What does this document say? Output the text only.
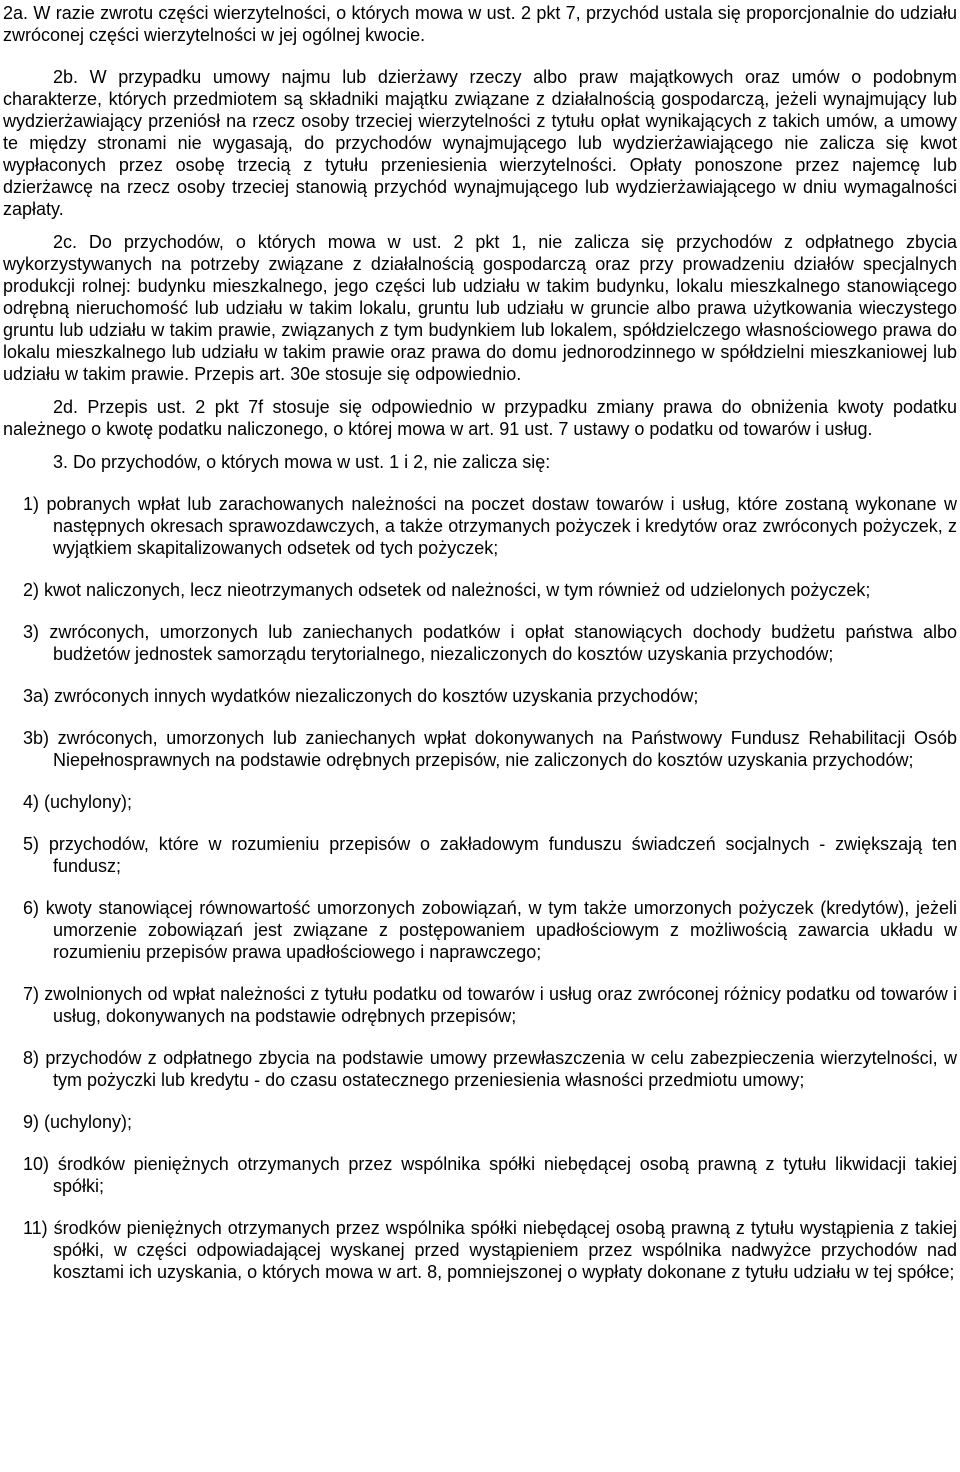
2a. W razie zwrotu części wierzytelności, o których mowa w ust. 2 pkt 7, przychód ustala się proporcjonalnie do udziału zwróconej części wierzytelności w jej ogólnej kwocie.

2b. W przypadku umowy najmu lub dzierżawy rzeczy albo praw majątkowych oraz umów o podobnym charakterze, których przedmiotem są składniki majątku związane z działalnością gospodarczą, jeżeli wynajmujący lub wydzierżawiający przeniósł na rzecz osoby trzeciej wierzytelności z tytułu opłat wynikających z takich umów, a umowy te między stronami nie wygasają, do przychodów wynajmującego lub wydzierżawiającego nie zalicza się kwot wypłaconych przez osobę trzecią z tytułu przeniesienia wierzytelności. Opłaty ponoszone przez najemcę lub dzierżawcę na rzecz osoby trzeciej stanowią przychód wynajmującego lub wydzierżawiającego w dniu wymagalności zapłaty.

2c. Do przychodów, o których mowa w ust. 2 pkt 1, nie zalicza się przychodów z odpłatnego zbycia wykorzystywanych na potrzeby związane z działalnością gospodarczą oraz przy prowadzeniu działów specjalnych produkcji rolnej: budynku mieszkalnego, jego części lub udziału w takim budynku, lokalu mieszkalnego stanowiącego odrębną nieruchomość lub udziału w takim lokalu, gruntu lub udziału w gruncie albo prawa użytkowania wieczystego gruntu lub udziału w takim prawie, związanych z tym budynkiem lub lokalem, spółdzielczego własnościowego prawa do lokalu mieszkalnego lub udziału w takim prawie oraz prawa do domu jednorodzinnego w spółdzielni mieszkaniowej lub udziału w takim prawie. Przepis art. 30e stosuje się odpowiednio.

2d. Przepis ust. 2 pkt 7f stosuje się odpowiednio w przypadku zmiany prawa do obniżenia kwoty podatku należnego o kwotę podatku naliczonego, o której mowa w art. 91 ust. 7 ustawy o podatku od towarów i usług.

3. Do przychodów, o których mowa w ust. 1 i 2, nie zalicza się:

1) pobranych wpłat lub zarachowanych należności na poczet dostaw towarów i usług, które zostaną wykonane w następnych okresach sprawozdawczych, a także otrzymanych pożyczek i kredytów oraz zwróconych pożyczek, z wyjątkiem skapitalizowanych odsetek od tych pożyczek;

2) kwot naliczonych, lecz nieotrzymanych odsetek od należności, w tym również od udzielonych pożyczek;

3) zwróconych, umorzonych lub zaniechanych podatków i opłat stanowiących dochody budżetu państwa albo budżetów jednostek samorządu terytorialnego, niezaliczonych do kosztów uzyskania przychodów;

3a) zwróconych innych wydatków niezaliczonych do kosztów uzyskania przychodów;

3b) zwróconych, umorzonych lub zaniechanych wpłat dokonywanych na Państwowy Fundusz Rehabilitacji Osób Niepełnosprawnych na podstawie odrębnych przepisów, nie zaliczonych do kosztów uzyskania przychodów;

4) (uchylony);

5) przychodów, które w rozumieniu przepisów o zakładowym funduszu świadczeń socjalnych - zwiększają ten fundusz;

6) kwoty stanowiącej równowartość umorzonych zobowiązań, w tym także umorzonych pożyczek (kredytów), jeżeli umorzenie zobowiązań jest związane z postępowaniem upadłościowym z możliwością zawarcia układu w rozumieniu przepisów prawa upadłościowego i naprawczego;

7) zwolnionych od wpłat należności z tytułu podatku od towarów i usług oraz zwróconej różnicy podatku od towarów i usług, dokonywanych na podstawie odrębnych przepisów;

8) przychodów z odpłatnego zbycia na podstawie umowy przewłaszczenia w celu zabezpieczenia wierzytelności, w tym pożyczki lub kredytu - do czasu ostatecznego przeniesienia własności przedmiotu umowy;

9) (uchylony);

10) środków pieniężnych otrzymanych przez wspólnika spółki niebędącej osobą prawną z tytułu likwidacji takiej spółki;

11) środków pieniężnych otrzymanych przez wspólnika spółki niebędącej osobą prawną z tytułu wystąpienia z takiej spółki, w części odpowiadającej wyskanej przed wystąpieniem przez wspólnika nadwyżce przychodów nad kosztami ich uzyskania, o których mowa w art. 8, pomniejszonej o wypłaty dokonane z tytułu udziału w tej spółce;
